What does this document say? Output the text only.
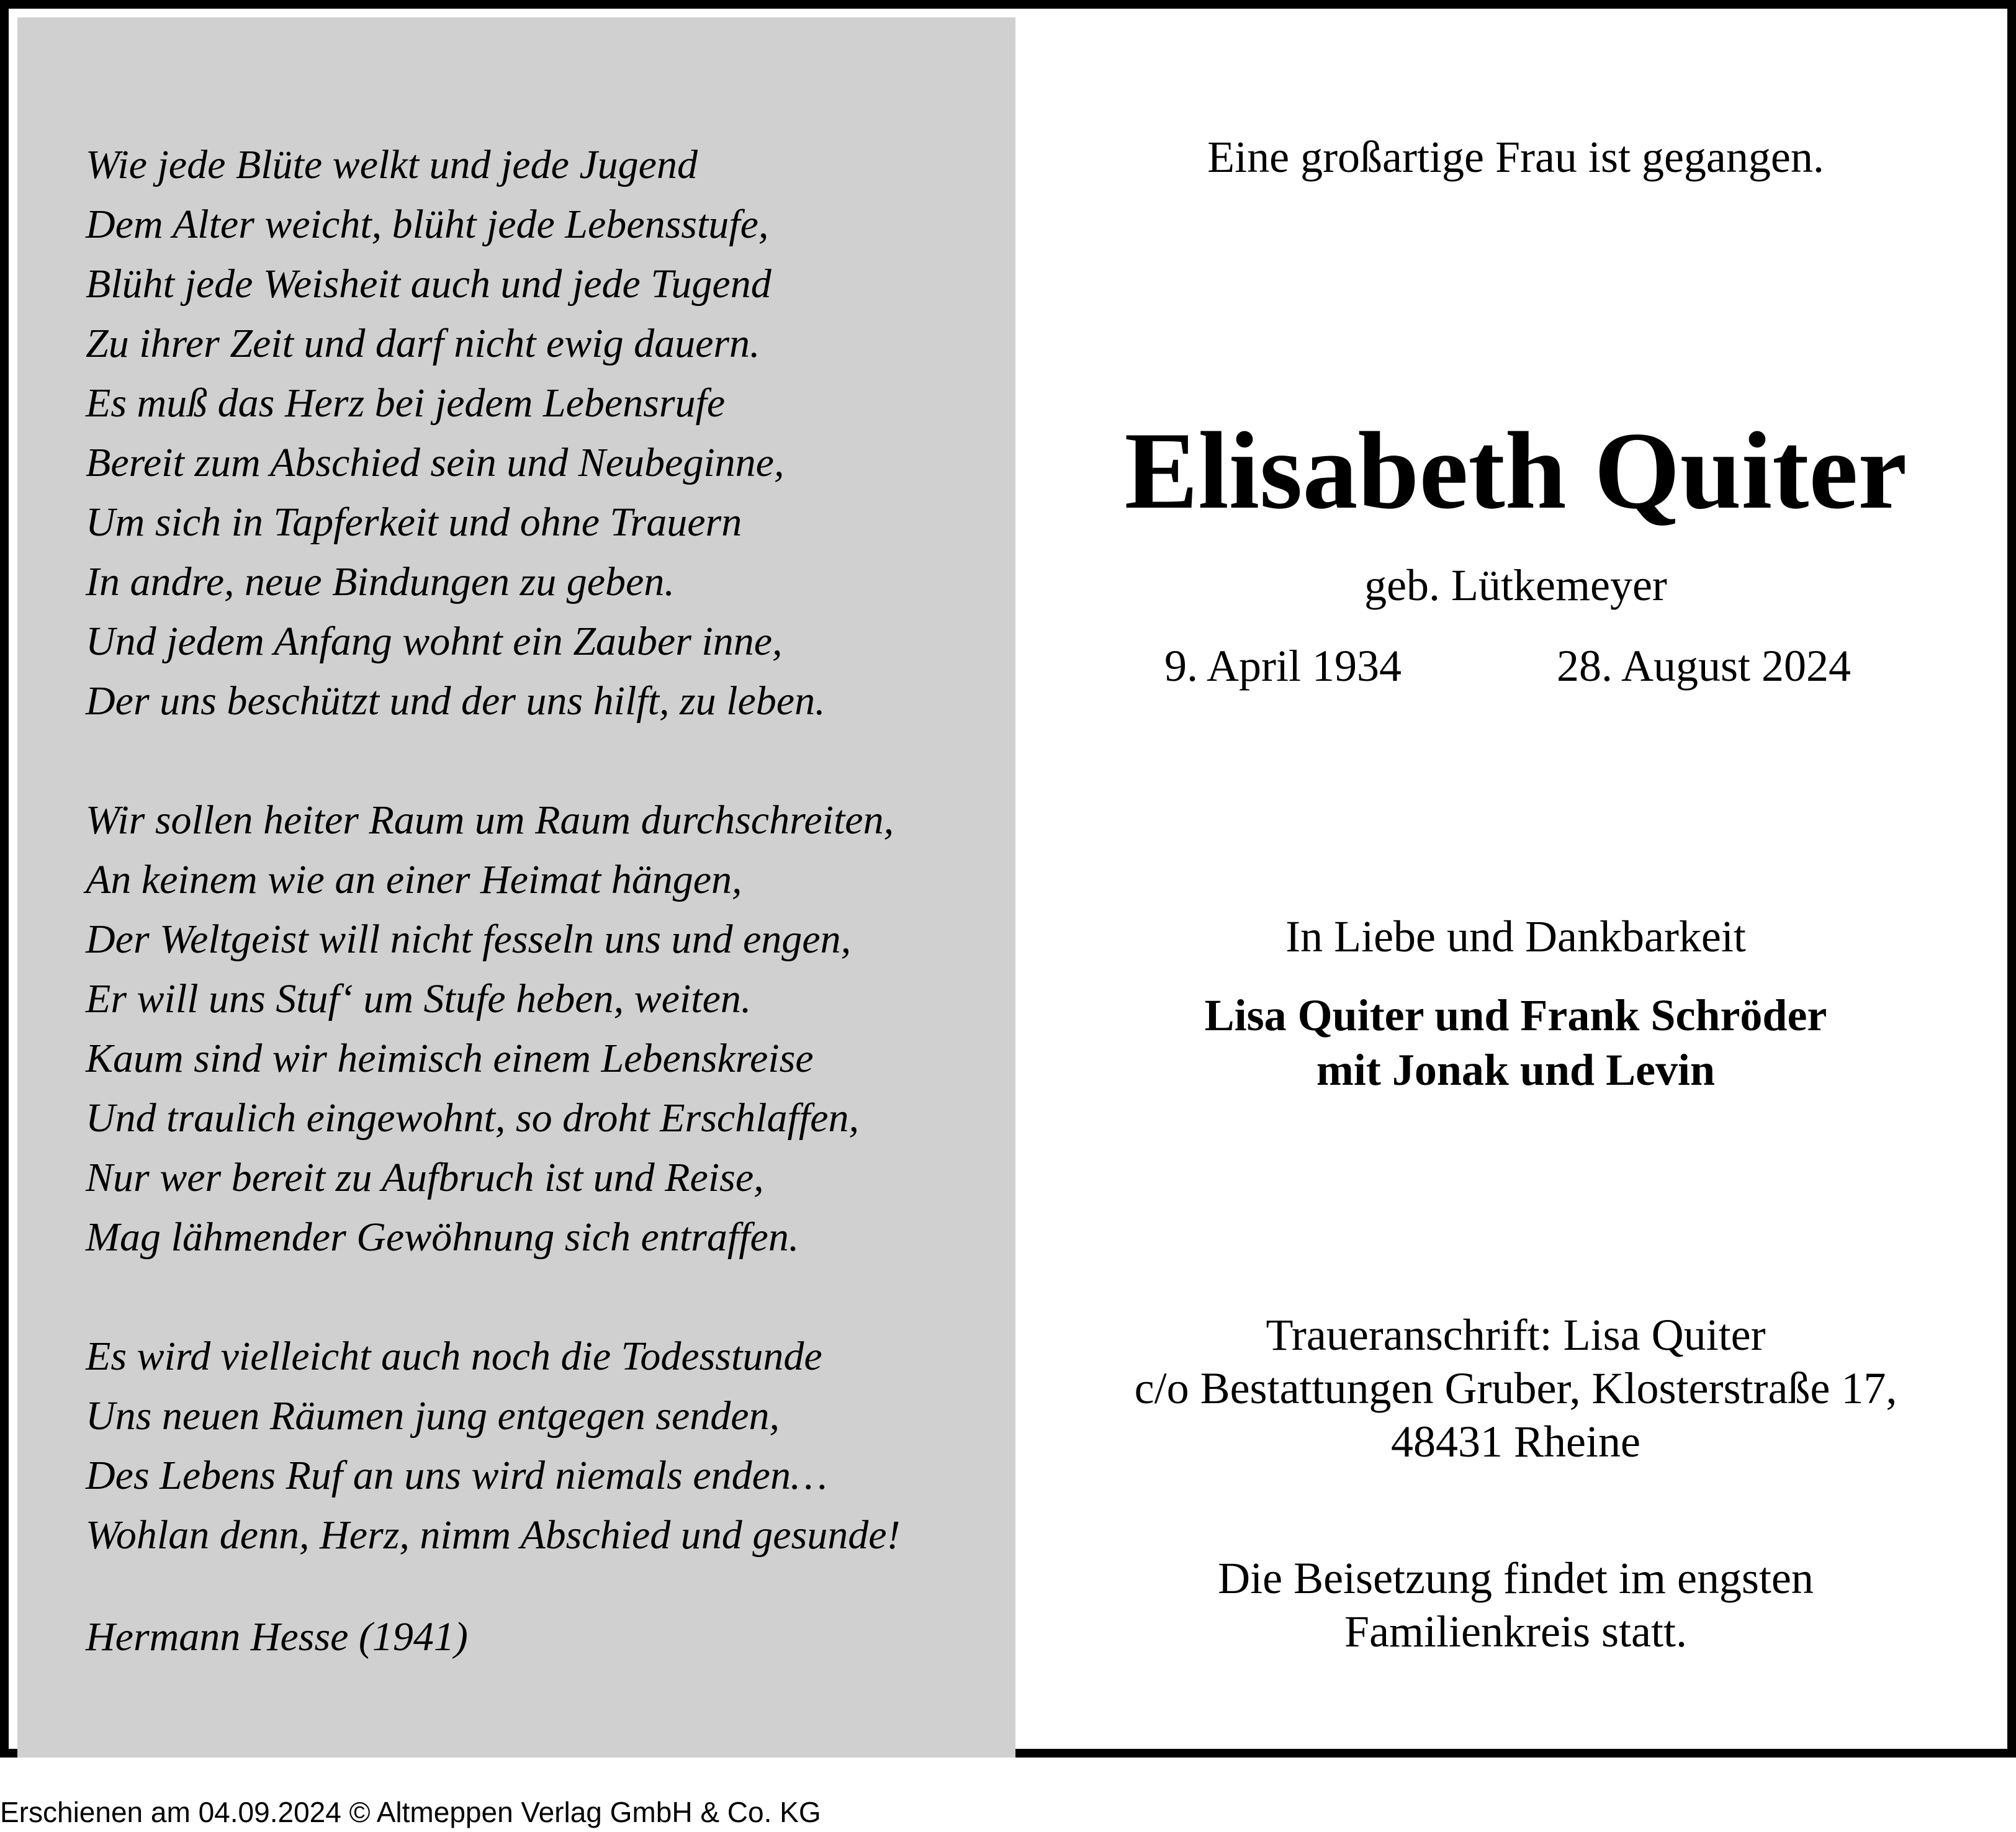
Wie jede Blüte welkt und jede Jugend
Dem Alter weicht, blüht jede Lebensstufe,
Blüht jede Weisheit auch und jede Tugend
Zu ihrer Zeit und darf nicht ewig dauern.
Es muß das Herz bei jedem Lebensrufe
Bereit zum Abschied sein und Neubeginne,
Um sich in Tapferkeit und ohne Trauern
In andre, neue Bindungen zu geben.
Und jedem Anfang wohnt ein Zauber inne,
Der uns beschützt und der uns hilft, zu leben.
Wir sollen heiter Raum um Raum durchschreiten,
An keinem wie an einer Heimat hängen,
Der Weltgeist will nicht fesseln uns und engen,
Er will uns Stuf‘ um Stufe heben, weiten.
Kaum sind wir heimisch einem Lebenskreise
Und traulich eingewohnt, so droht Erschlaffen,
Nur wer bereit zu Aufbruch ist und Reise,
Mag lähmender Gewöhnung sich entraffen.
Es wird vielleicht auch noch die Todesstunde
Uns neuen Räumen jung entgegen senden,
Des Lebens Ruf an uns wird niemals enden…
Wohlan denn, Herz, nimm Abschied und gesunde!
Hermann Hesse (1941)
Eine großartige Frau ist gegangen.
Elisabeth Quiter
geb. Lütkemeyer
9. April 1934	28. August 2024
In Liebe und Dankbarkeit
Lisa Quiter und Frank Schröder
mit Jonak und Levin
Traueranschrift: Lisa Quiter
c/o Bestattungen Gruber, Klosterstraße 17,
48431 Rheine
Die Beisetzung findet im engsten
Familienkreis statt.
Erschienen am 04.09.2024 © Altmeppen Verlag GmbH & Co. KG
